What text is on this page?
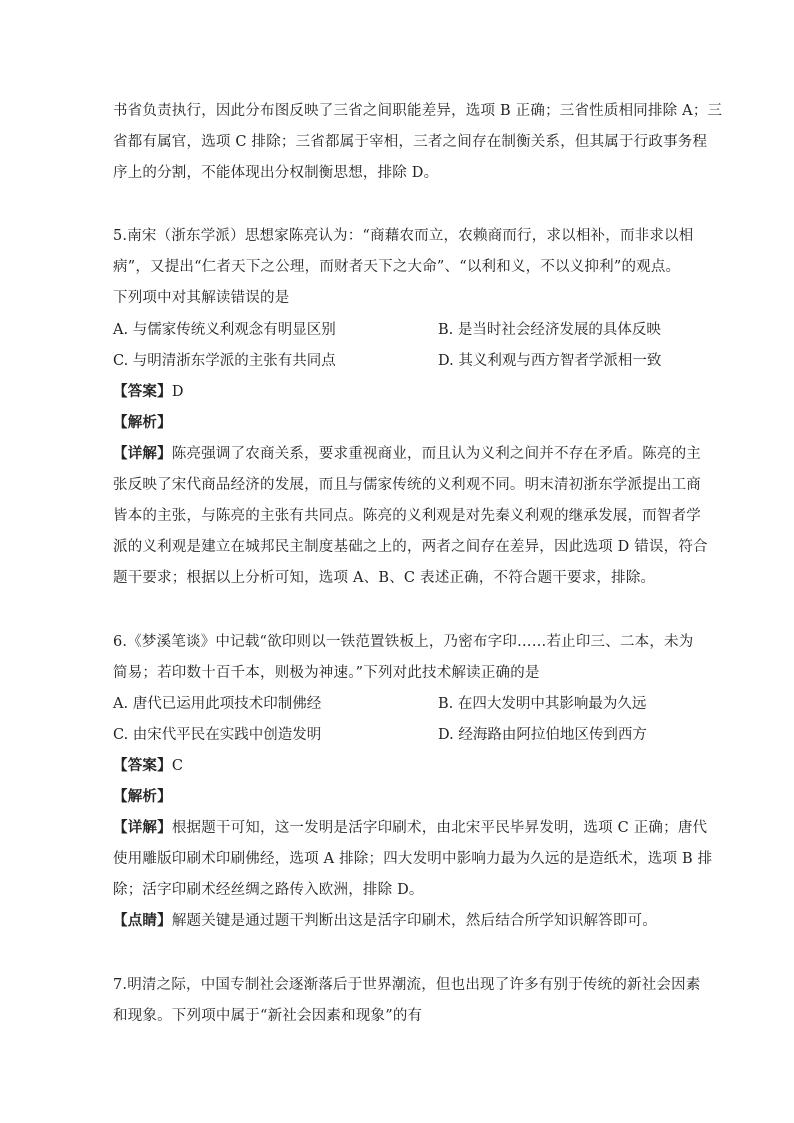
书省负责执行，因此分布图反映了三省之间职能差异，选项 B 正确；三省性质相同排除 A；三
省都有属官，选项 C 排除；三省都属于宰相，三者之间存在制衡关系，但其属于行政事务程
序上的分割，不能体现出分权制衡思想，排除 D。
5.南宋（浙东学派）思想家陈亮认为：“商藉农而立，农赖商而行，求以相补，而非求以相
病”，又提出“仁者天下之公理，而财者天下之大命”、“以利和义，不以义抑利”的观点。
下列项中对其解读错误的是
A. 与儒家传统义利观念有明显区别	B. 是当时社会经济发展的具体反映
C. 与明清浙东学派的主张有共同点	D. 其义利观与西方智者学派相一致
【答案】D
【解析】
【详解】陈亮强调了农商关系，要求重视商业，而且认为义利之间并不存在矛盾。陈亮的主
张反映了宋代商品经济的发展，而且与儒家传统的义利观不同。明末清初浙东学派提出工商
皆本的主张，与陈亮的主张有共同点。陈亮的义利观是对先秦义利观的继承发展，而智者学
派的义利观是建立在城邦民主制度基础之上的，两者之间存在差异，因此选项 D 错误，符合
题干要求；根据以上分析可知，选项 A、B、C 表述正确，不符合题干要求，排除。
6.《梦溪笔谈》中记载“欲印则以一铁范置铁板上，乃密布字印……若止印三、二本，未为
简易；若印数十百千本，则极为神速。”下列对此技术解读正确的是
A. 唐代已运用此项技术印制佛经	B. 在四大发明中其影响最为久远
C. 由宋代平民在实践中创造发明	D. 经海路由阿拉伯地区传到西方
【答案】C
【解析】
【详解】根据题干可知，这一发明是活字印刷术，由北宋平民毕昇发明，选项 C 正确；唐代
使用雕版印刷术印刷佛经，选项 A 排除；四大发明中影响力最为久远的是造纸术，选项 B 排
除；活字印刷术经丝绸之路传入欧洲，排除 D。
【点睛】解题关键是通过题干判断出这是活字印刷术，然后结合所学知识解答即可。
7.明清之际，中国专制社会逐渐落后于世界潮流，但也出现了许多有别于传统的新社会因素
和现象。下列项中属于“新社会因素和现象”的有
